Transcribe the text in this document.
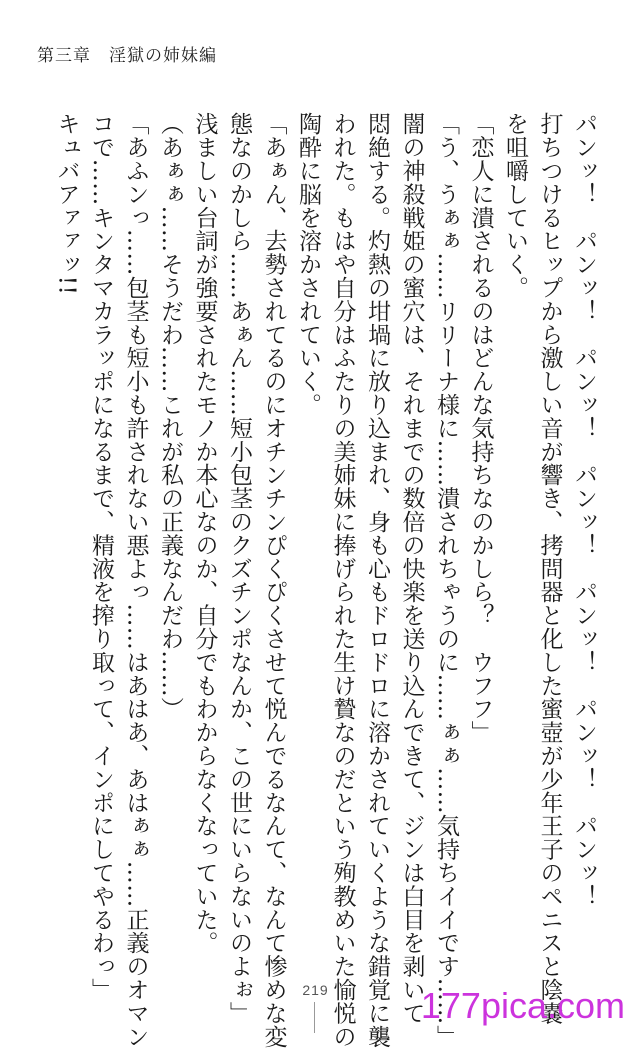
第三章　淫獄の姉妹編
パンッ！　パンッ！　パンッ！　パンッ！　パンッ！　パンッ！　パンッ！
打ちつけるヒップから激しい音が響き、拷問器と化した蜜壺が少年王子のペニスと陰嚢
を咀嚼していく。
「恋人に潰されるのはどんな気持ちなのかしら？　ウフフ」
「う、うぁぁ……リリーナ様に……潰されちゃうのに……ぁぁ……気持ちイイです……」
闇の神殺戦姫の蜜穴は、それまでの数倍の快楽を送り込んできて、ジンは白目を剥いて
悶絶する。灼熱の坩堝に放り込まれ、身も心もドロドロに溶かされていくような錯覚に襲
われた。もはや自分はふたりの美姉妹に捧げられた生け贄なのだという殉教めいた愉悦の
陶酔に脳を溶かされていく。
「あぁん、去勢されてるのにオチンチンぴくぴくさせて悦んでるなんて、なんて惨めな変
態なのかしら……あぁん……短小包茎のクズチンポなんか、この世にいらないのよぉ」
浅ましい台詞が強要されたモノか本心なのか、自分でもわからなくなっていた。
（あぁぁ……そうだわ……これが私の正義なんだわ……）
「あふンっ……包茎も短小も許されない悪よっ……はあはあ、あはぁぁ……正義のオマン
コで……キンタマカラッポになるまで、精液を搾り取って、インポにしてやるわっ」
キュバアァァッ!!
219	177pica.com
